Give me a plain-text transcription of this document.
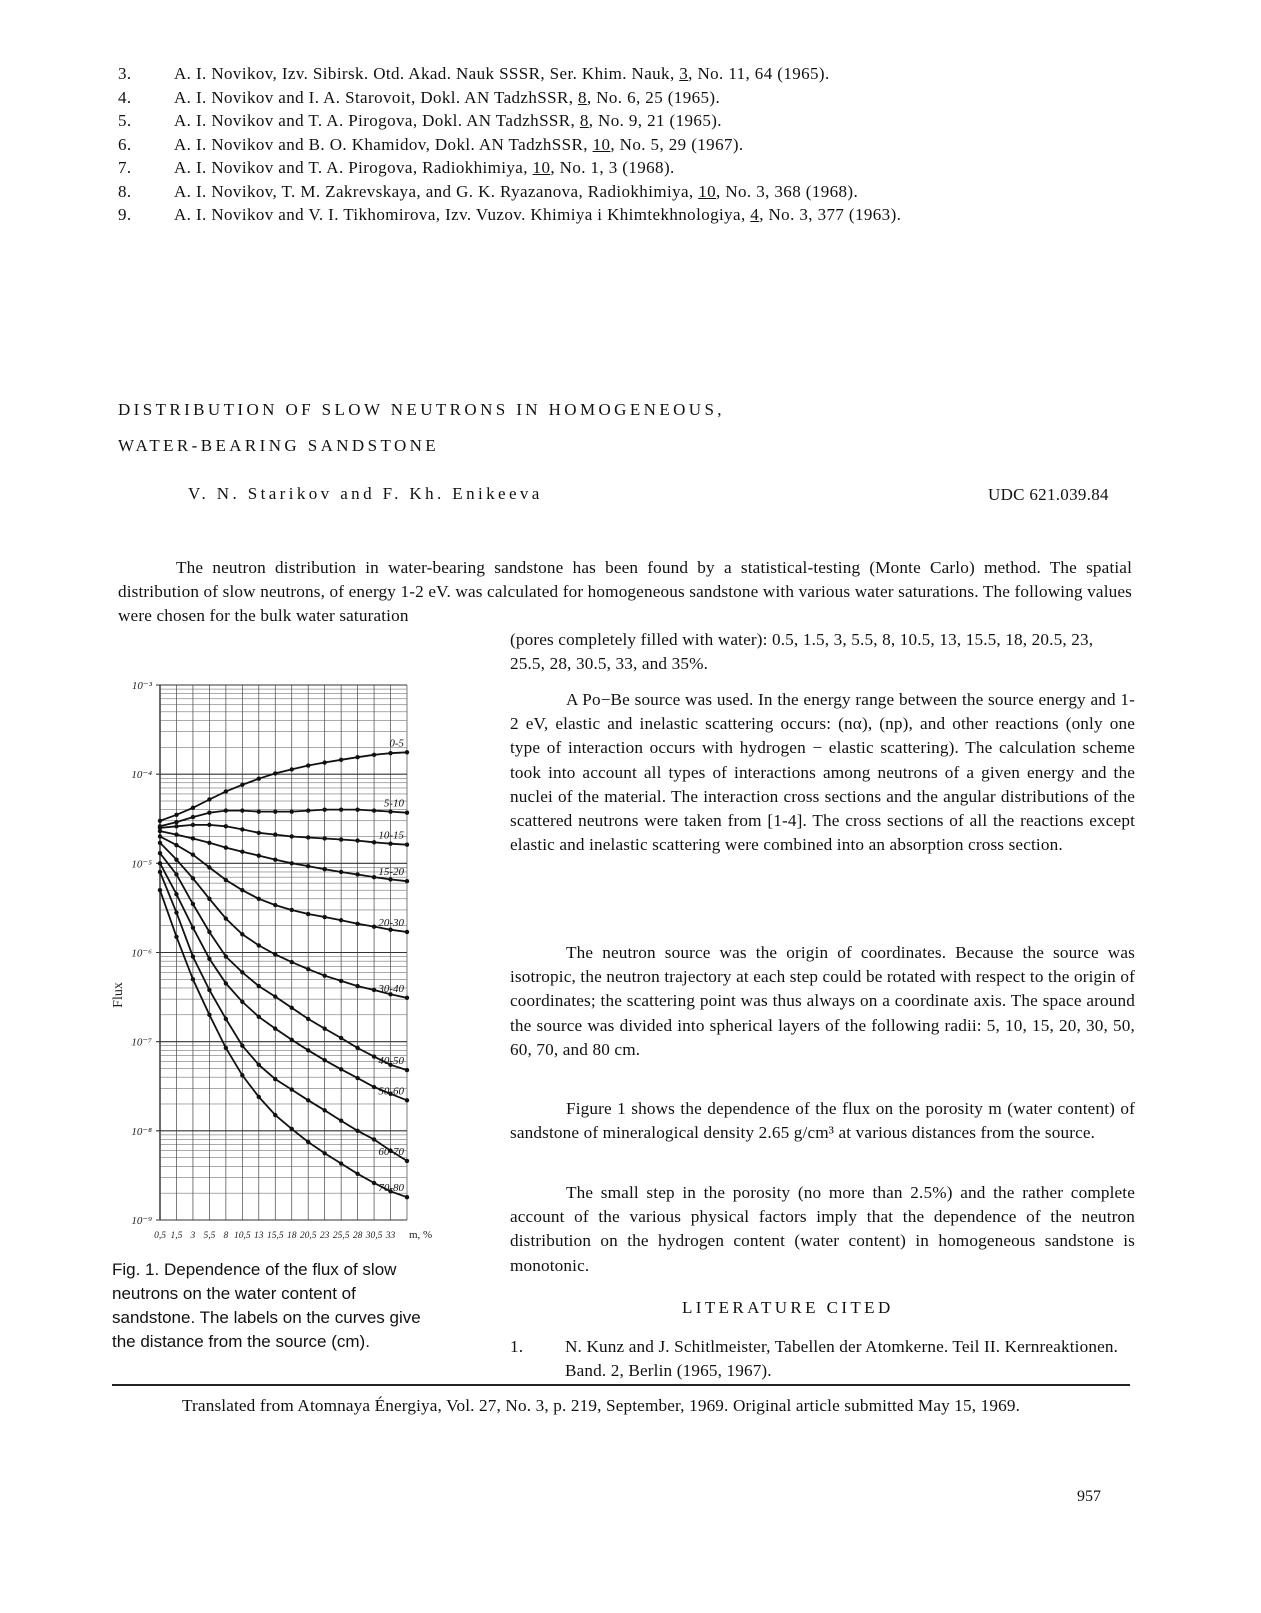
3.	A. I. Novikov, Izv. Sibirsk. Otd. Akad. Nauk SSSR, Ser. Khim. Nauk, 3, No. 11, 64 (1965).
4.	A. I. Novikov and I. A. Starovoit, Dokl. AN TadzhSSR, 8, No. 6, 25 (1965).
5.	A. I. Novikov and T. A. Pirogova, Dokl. AN TadzhSSR, 8, No. 9, 21 (1965).
6.	A. I. Novikov and B. O. Khamidov, Dokl. AN TadzhSSR, 10, No. 5, 29 (1967).
7.	A. I. Novikov and T. A. Pirogova, Radiokhimiya, 10, No. 1, 3 (1968).
8.	A. I. Novikov, T. M. Zakrevskaya, and G. K. Ryazanova, Radiokhimiya, 10, No. 3, 368 (1968).
9.	A. I. Novikov and V. I. Tikhomirova, Izv. Vuzov. Khimiya i Khimtekhnologiya, 4, No. 3, 377 (1963).
DISTRIBUTION OF SLOW NEUTRONS IN HOMOGENEOUS,
WATER-BEARING SANDSTONE
V. N. Starikov and F. Kh. Enikeeva	UDC 621.039.84
The neutron distribution in water-bearing sandstone has been found by a statistical-testing (Monte Carlo) method. The spatial distribution of slow neutrons, of energy 1-2 eV. was calculated for homogeneous sandstone with various water saturations. The following values were chosen for the bulk water saturation
(pores completely filled with water): 0.5, 1.5, 3, 5.5, 8, 10.5, 13, 15.5, 18, 20.5, 23, 25.5, 28, 30.5, 33, and 35%.
A Po−Be source was used. In the energy range between the source energy and 1-2 eV, elastic and inelastic scattering occurs: (nα), (np), and other reactions (only one type of interaction occurs with hydrogen − elastic scattering). The calculation scheme took into account all types of interactions among neutrons of a given energy and the nuclei of the material. The interaction cross sections and the angular distributions of the scattered neutrons were taken from [1-4]. The cross sections of all the reactions except elastic and inelastic scattering were combined into an absorption cross section.
The neutron source was the origin of coordinates. Because the source was isotropic, the neutron trajectory at each step could be rotated with respect to the origin of coordinates; the scattering point was thus always on a coordinate axis. The space around the source was divided into spherical layers of the following radii: 5, 10, 15, 20, 30, 50, 60, 70, and 80 cm.
Figure 1 shows the dependence of the flux on the porosity m (water content) of sandstone of mineralogical density 2.65 g/cm³ at various distances from the source.
The small step in the porosity (no more than 2.5%) and the rather complete account of the various physical factors imply that the dependence of the neutron distribution on the hydrogen content (water content) in homogeneous sandstone is monotonic.
LITERATURE CITED
1.	N. Kunz and J. Schitlmeister, Tabellen der Atomkerne. Teil II. Kernreaktionen. Band. 2, Berlin (1965, 1967).
10⁻³
10⁻⁴
10⁻⁵
10⁻⁶
10⁻⁷
10⁻⁸
10⁻⁹
Flux
0,5 1,5 3 5,5 8 10,5 13 15,5 18 20,5 23 25,5 28 30,5 33 m, %
0-5
5-10
10-15
15-20
20-30
30-40
40-50
50-60
60-70
70-80
Fig. 1. Dependence of the flux of slow neutrons on the water content of sandstone. The labels on the curves give the distance from the source (cm).
Translated from Atomnaya Énergiya, Vol. 27, No. 3, p. 219, September, 1969. Original article submitted May 15, 1969.
957
